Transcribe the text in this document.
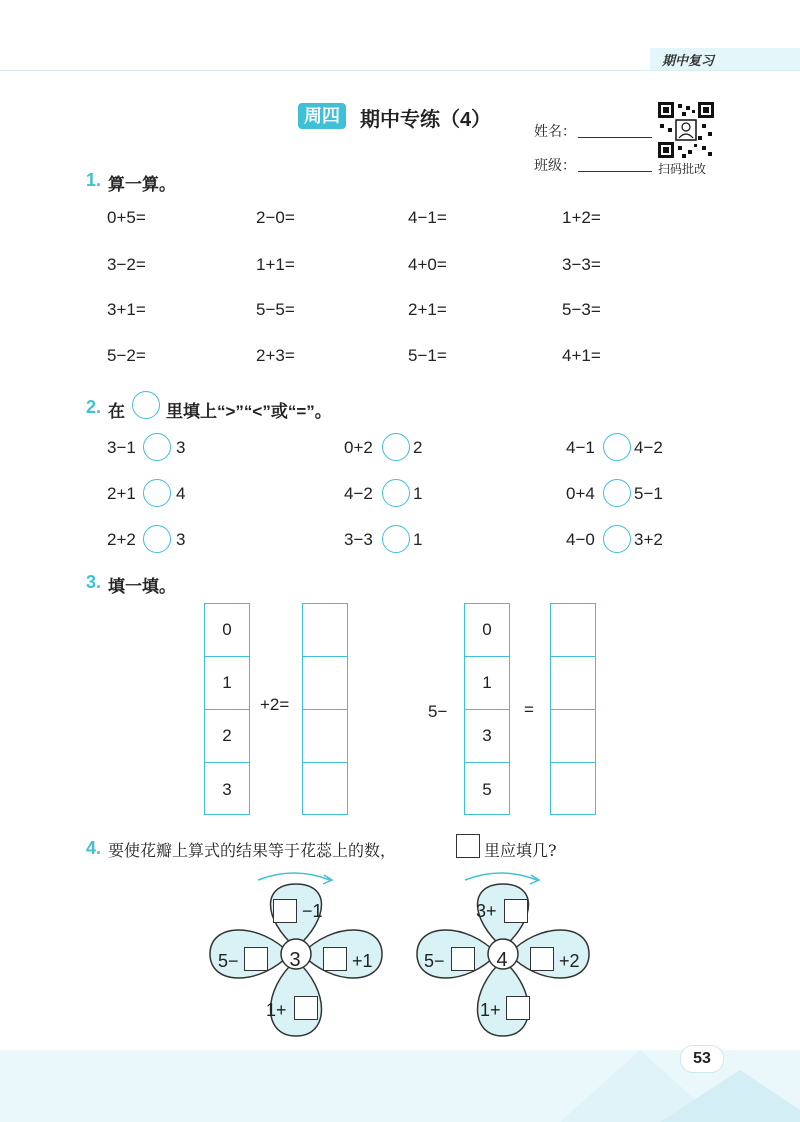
期中复习
周四	期中专练（4）	姓名：
班级：	扫码批改
1. 算一算。
0+5=	2−0=	4−1=	1+2=
3−2=	1+1=	4+0=	3−3=
3+1=	5−5=	2+1=	5−3=
5−2=	2+3=	5−1=	4+1=
2. 在 里填上“>”“<”或“=”。
3−1 3	0+2 2	4−1 4−2
2+1 4	4−2 1	0+4 5−1
2+2 3	3−3 1	4−0 3+2
3. 填一填。
0
1
2
3
+2=	5−
0
1
3
5
=
4. 要使花瓣上算式的结果等于花蕊上的数，	里应填几?
3
−1
5−	+1
1+
4
3+
5−	+2
1+
53
